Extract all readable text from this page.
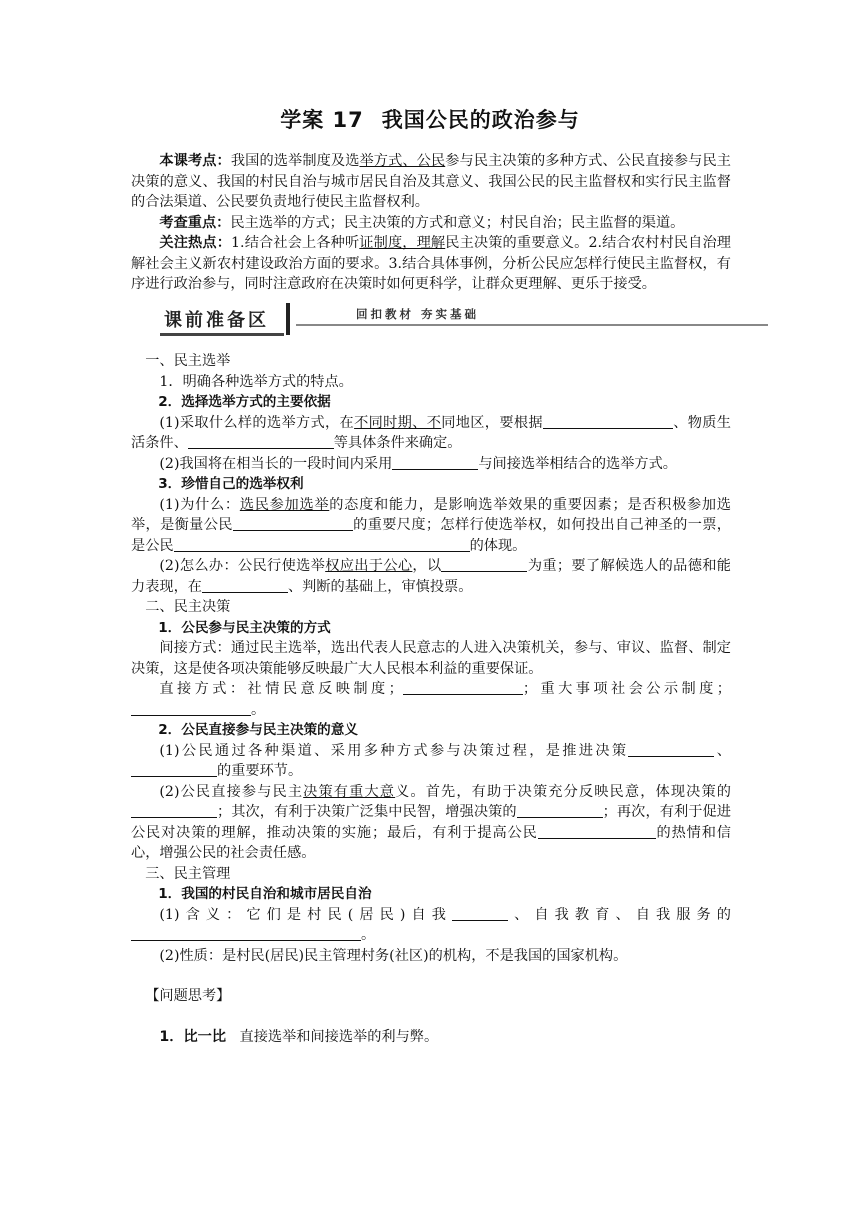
学案 17 我国公民的政治参与

本课考点：我国的选举制度及选举方式、公民参与民主决策的多种方式、公民直接参与民主决策的意义、我国的村民自治与城市居民自治及其意义、我国公民的民主监督权和实行民主监督的合法渠道、公民要负责地行使民主监督权利。

考查重点：民主选举的方式；民主决策的方式和意义；村民自治；民主监督的渠道。

关注热点：1.结合社会上各种听证制度，理解民主决策的重要意义。2.结合农村村民自治理解社会主义新农村建设政治方面的要求。3.结合具体事例，分析公民应怎样行使民主监督权，有序进行政治参与，同时注意政府在决策时如何更科学，让群众更理解、更乐于接受。

课前准备区	回扣教材 夯实基础

一、民主选举

1．明确各种选举方式的特点。

2．选择选举方式的主要依据

(1)采取什么样的选举方式，在不同时期、不同地区，要根据	、物质生活条件、	等具体条件来确定。

(2)我国将在相当长的一段时间内采用	与间接选举相结合的选举方式。

3．珍惜自己的选举权利

(1)为什么：选民参加选举的态度和能力，是影响选举效果的重要因素；是否积极参加选举，是衡量公民	的重要尺度；怎样行使选举权，如何投出自己神圣的一票，是公民	的体现。

(2)怎么办：公民行使选举权应出于公心，以	为重；要了解候选人的品德和能力表现，在	、判断的基础上，审慎投票。

二、民主决策

1．公民参与民主决策的方式

间接方式：通过民主选举，选出代表人民意志的人进入决策机关，参与、审议、监督、制定决策，这是使各项决策能够反映最广大人民根本利益的重要保证。

直接方式：社情民意反映制度；	；重大事项社会公示制度；。

2．公民直接参与民主决策的意义

(1)公民通过各种渠道、采用多种方式参与决策过程，是推进决策	、的重要环节。

(2)公民直接参与民主决策有重大意义。首先，有助于决策充分反映民意，体现决策的；其次，有利于决策广泛集中民智，增强决策的	；再次，有利于促进公民对决策的理解，推动决策的实施；最后，有利于提高公民	的热情和信心，增强公民的社会责任感。

三、民主管理

1．我国的村民自治和城市居民自治

(1)含义：它们是村民(居民)自我	、自我教育、自我服务的。

(2)性质：是村民(居民)民主管理村务(社区)的机构，不是我国的国家机构。

【问题思考】

1．比一比 直接选举和间接选举的利与弊。
